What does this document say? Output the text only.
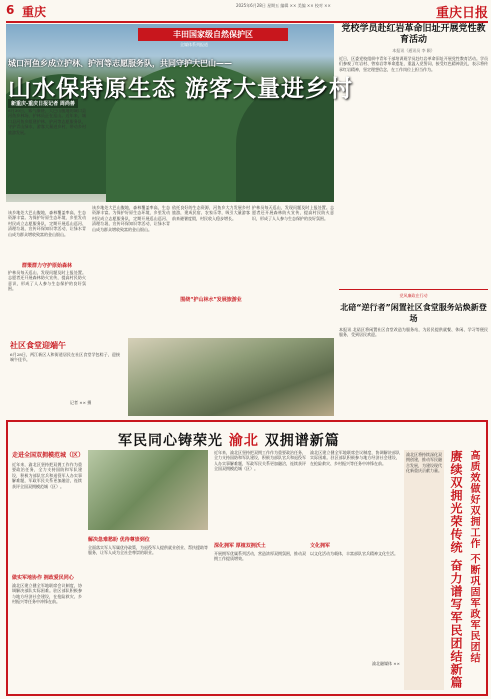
6 重庆	2025年6月28日 星期五 编辑 ×× 美编 ×× 校对 ××
重庆日报
丰田国家级自然保护区
全媒体系列报道
城口河鱼乡成立护林、护河等志愿服务队，共同守护大巴山——
山水保持原生态 游客大量进乡村
新重庆-重庆日报记者 周尚善
6月30日，雾气缭绕，大巴山腹地的城口县河鱼乡林场，护林员正在巡山。近年来，城口县河鱼乡组建护林、护河等志愿服务队，守护青山绿水，游客大量进乡村，带动乡村旅游发展。
该乡地处大巴山腹地，森林覆盖率高，生态资源丰富。为保护好原生态环境，乡里发动村民成立志愿服务队，定期开展巡山巡河、清理垃圾、宣传环保知识等活动，让绿水青山成为群众增收致富的金山银山。
群策群力守护原始森林
护林员每天巡山，发现问题及时上报处置。志愿者还开展森林防火宣传，提高村民防火意识，形成了人人参与生态保护的良好氛围。
该乡地处大巴山腹地，森林覆盖率高，生态资源丰富。为保护好原生态环境，乡里发动村民成立志愿服务队，定期开展巡山巡河、清理垃圾、宣传环保知识等活动，让绿水青山成为群众增收致富的金山银山。
围绕“护山林水”发展旅游业
依托良好的生态资源，河鱼乡大力发展乡村旅游，建成民宿、农家乐等，吸引大量游客前来避暑度假，村民收入稳步增长。
护林员每天巡山，发现问题及时上报处置。志愿者还开展森林防火宣传，提高村民防火意识，形成了人人参与生态保护的良好氛围。
党校学员赴红岩革命旧址开展党性教育活动
本报讯（通讯员 李 颖）
近日，区委党校组织中青年干部培训班学员赴红岩革命旧址开展党性教育活动。学员们参观了红岩村、曾家岩等革命遗址，重温入党誓词，接受红色精神洗礼，表示将传承红岩精神，坚定理想信念，在工作岗位上担当作为。
党风廉政在行动
北碚“逆行者”闲置社区食堂服务站焕新登场
本报讯 北碚区将闲置社区食堂改造为服务站，为居民提供就餐、休闲、学习等便民服务，受到居民欢迎。
社区食堂迎端午
6月28日，两江新区人和街道居民在社区食堂学包粽子，迎接端午佳节。
记者 ×× 摄
军民同心铸荣光 渝北 双拥谱新篇
走进全国双拥模范城（区）
近年来，渝北区坚持把双拥工作作为重要政治任务，全力支持国防和军队建设，积极为部队官兵和退役军人办实事解难题，军政军民关系更加融洽，连续获评全国双拥模范城（区）。
做实军地协作 拥政爱民同心
渝北区建立健全军地联席会议制度，协调解决部队实际困难。驻区部队积极参与地方经济社会建设，在抢险救灾、乡村振兴等任务中冲锋在前。
解决急难愁盼 优待尊崇到位
全面落实军人军属优待政策，为退役军人提供就业创业、帮扶援助等服务，让军人成为全社会尊崇的职业。
近年来，渝北区坚持把双拥工作作为重要政治任务，全力支持国防和军队建设，积极为部队官兵和退役军人办实事解难题，军政军民关系更加融洽，连续获评全国双拥模范城（区）。
深化拥军 厚植双拥沃土
开展拥军优属系列活动，营造浓厚双拥氛围，推动双拥工作提质增效。
渝北区建立健全军地联席会议制度，协调解决部队实际困难。驻区部队积极参与地方经济社会建设，在抢险救灾、乡村振兴等任务中冲锋在前。
文化拥军
以文化活动为载体，丰富部队官兵精神文化生活。
渝北融媒体 ××
渝北区将持续深化双拥创建，推动军民融合发展，为建设现代化新重庆贡献力量。 赓续双拥光荣传统 奋力谱写军民团结新篇 高质效做好双拥工作 不断巩固军政军民团结
